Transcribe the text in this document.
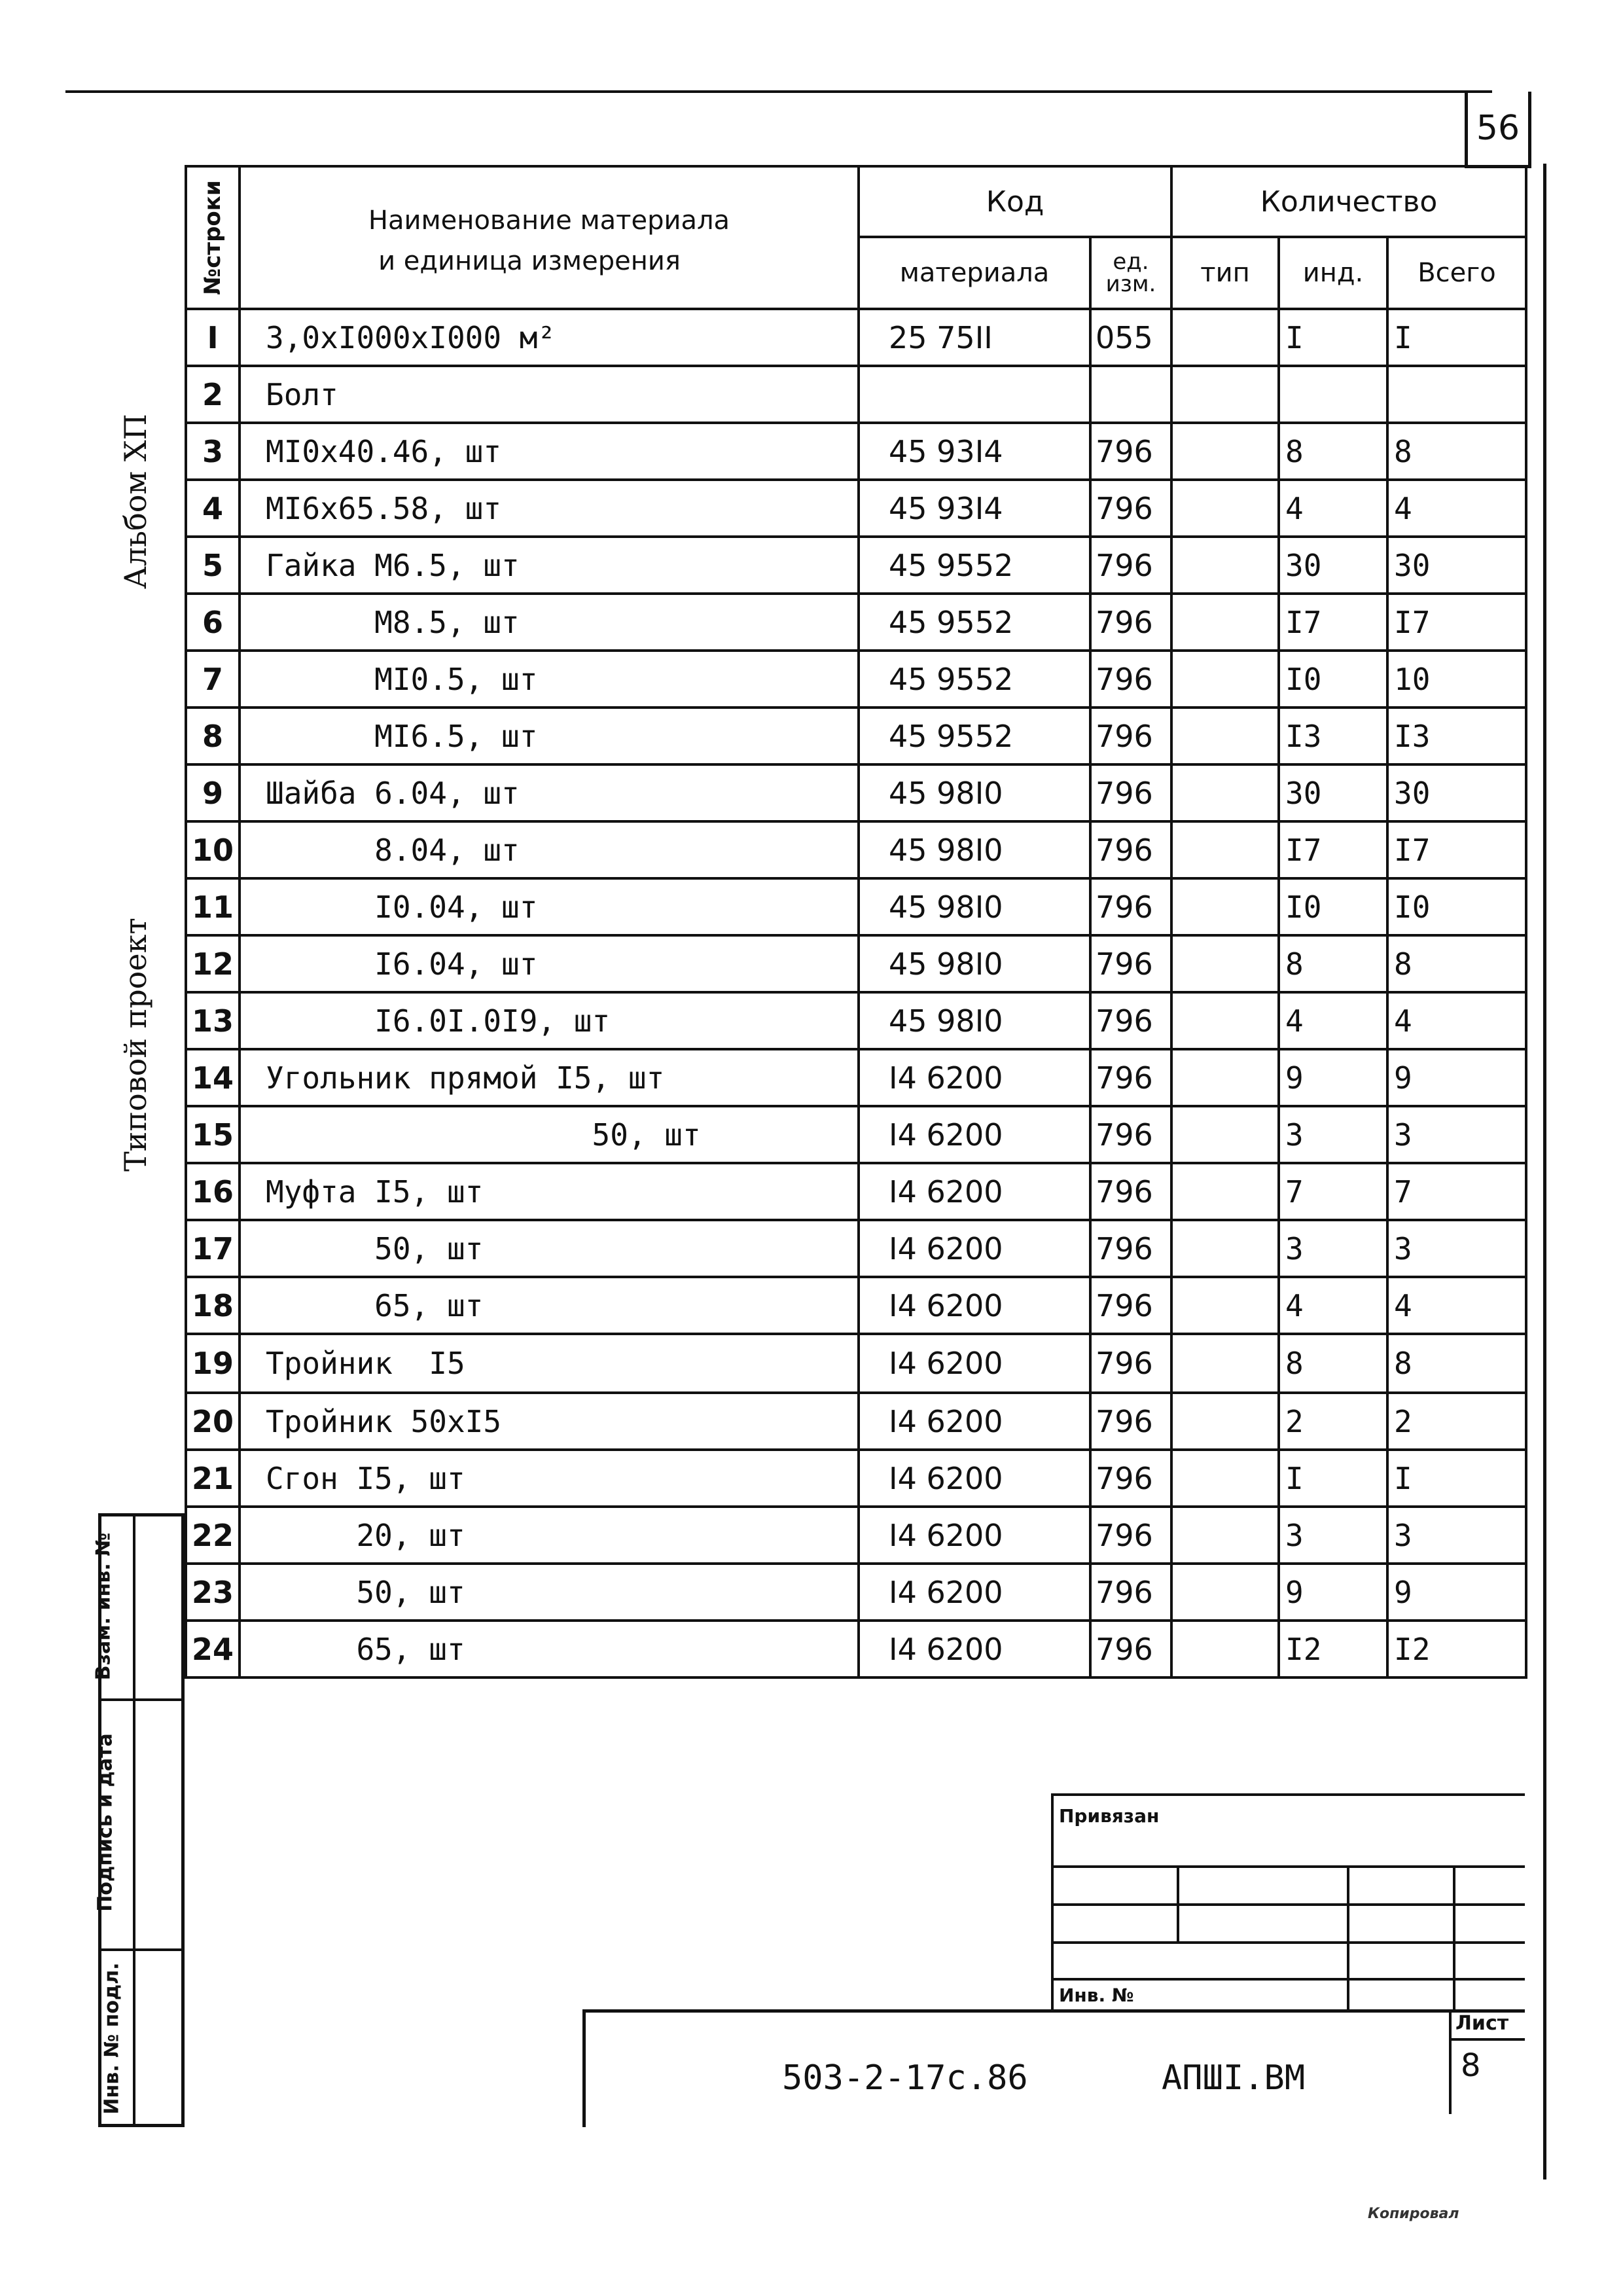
56
Альбом ХП
Типовой проект
№строки	Наименование материала
и единица измерения	Код		Количество		
		материала	ед. изм.	тип	инд.	Всего
I	3,0xI000xI000 м²	25 75II	055		I	I
2	Болт					
3	MI0x40.46, шт	45 93I4	796		8	8
4	MI6x65.58, шт	45 93I4	796		4	4
5	Гайка M6.5, шт	45 9552	796		30	30
6	M8.5, шт	45 9552	796		I7	I7
7	MI0.5, шт	45 9552	796		I0	10
8	MI6.5, шт	45 9552	796		I3	I3
9	Шайба 6.04, шт	45 98I0	796		30	30
10	8.04, шт	45 98I0	796		I7	I7
11	I0.04, шт	45 98I0	796		I0	I0
12	I6.04, шт	45 98I0	796		8	8
13	I6.0I.0I9, шт	45 98I0	796		4	4
14	Угольник прямой I5, шт	I4 6200	796		9	9
15	50, шт	I4 6200	796		3	3
16	Муфта I5, шт	I4 6200	796		7	7
17	50, шт	I4 6200	796		3	3
18	65, шт	I4 6200	796		4	4
19	Тройник  I5	I4 6200	796		8	8
20	Тройник 50xI5	I4 6200	796		2	2
21	Сгон I5, шт	I4 6200	796		I	I
22	20, шт	I4 6200	796		3	3
23	50, шт	I4 6200	796		9	9
24	65, шт	I4 6200	796		I2	I2
Взам. инв. №
Подпись и дата
Инв. № подл.
Привязан
Инв. №
503-2-17с.86	АПШI.ВМ
Лист
8
Копировал
